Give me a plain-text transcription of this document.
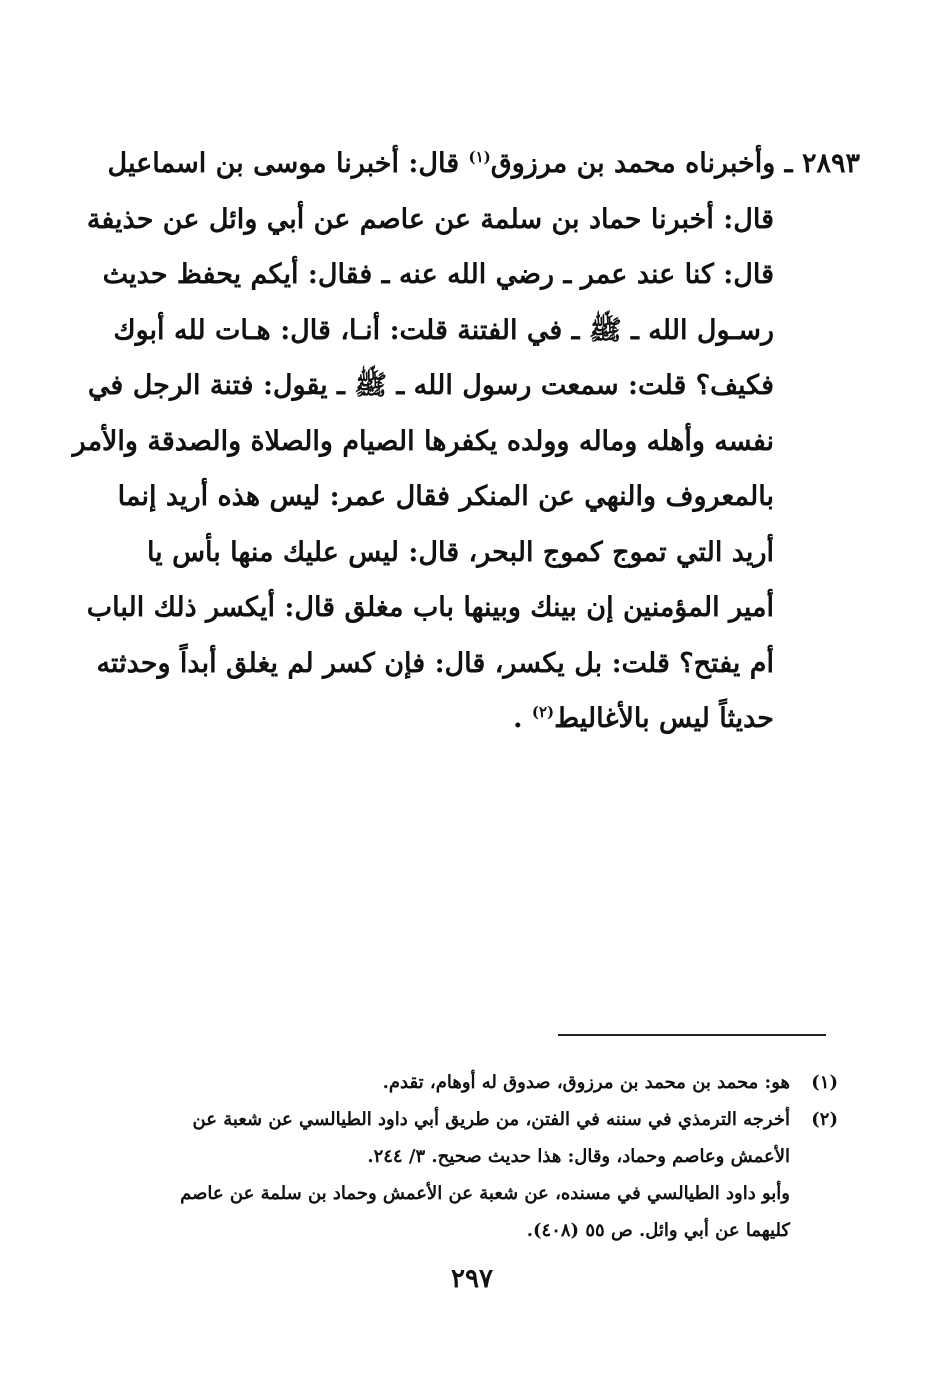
٢٨٩٣ ـ وأخبرناه محمد بن مرزوق$^{(١)}$ قال: أخبرنا موسى بن اسماعيل
قال: أخبرنا حماد بن سلمة عن عاصم عن أبي وائل عن حذيفة
قال: كنا عند عمر ـ رضي الله عنه ـ فقال: أيكم يحفظ حديث
رسـول الله ـ ﷺ ـ في الفتنة قلت: أنـا، قال: هـات لله أبوك
فكيف؟ قلت: سمعت رسول الله ـ ﷺ ـ يقول: فتنة الرجل في
نفسه وأهله وماله وولده يكفرها الصيام والصلاة والصدقة والأمر
بالمعروف والنهي عن المنكر فقال عمر: ليس هذه أريد إنما
أريد التي تموج كموج البحر، قال: ليس عليك منها بأس يا
أمير المؤمنين إن بينك وبينها باب مغلق قال: أيكسر ذلك الباب
أم يفتح؟ قلت: بل يكسر، قال: فإن كسر لم يغلق أبداً وحدثته
حديثاً ليس بالأغاليط$^{(٢)}$ .
(١)هو: محمد بن محمد بن مرزوق، صدوق له أوهام، تقدم.
(٢)أخرجه الترمذي في سننه في الفتن، من طريق أبي داود الطيالسي عن شعبة عن
الأعمش وعاصم وحماد، وقال: هذا حديث صحيح. ٣/ ٢٤٤.
وأبو داود الطيالسي في مسنده، عن شعبة عن الأعمش وحماد بن سلمة عن عاصم
كليهما عن أبي وائل. ص ٥٥ (٤٠٨).
٢٩٧
